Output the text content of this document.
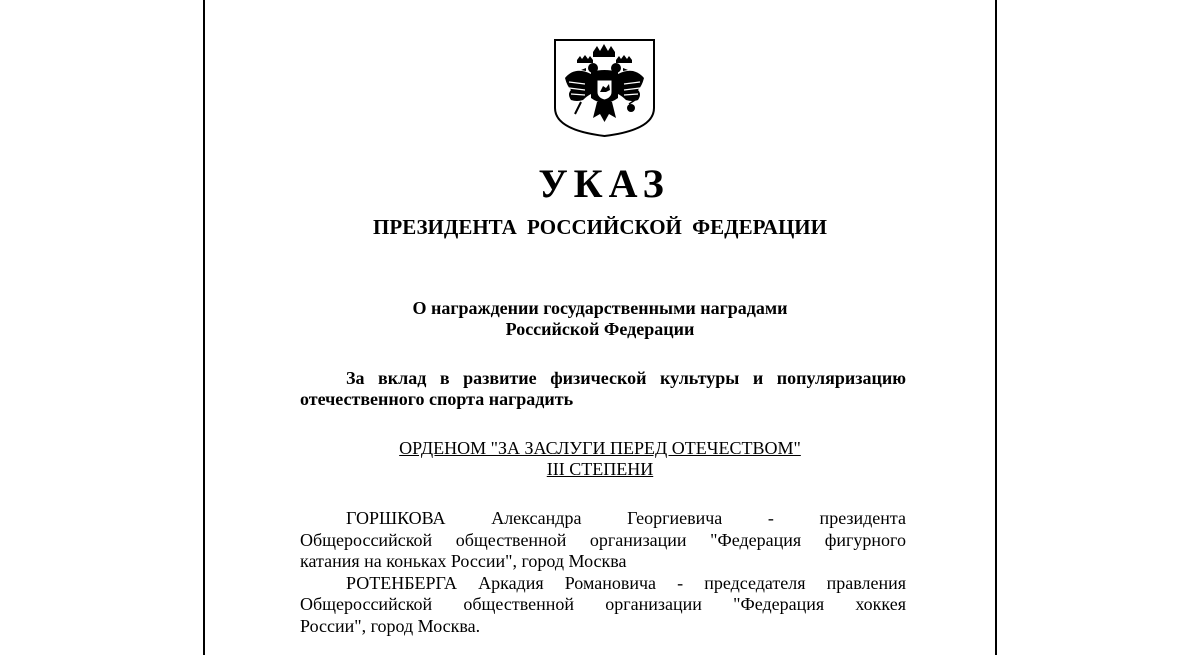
УКАЗ
ПРЕЗИДЕНТА РОССИЙСКОЙ ФЕДЕРАЦИИ
О награждении государственными наградами
Российской Федерации
За вклад в развитие физической культуры и популяризацию
отечественного спорта наградить
ОРДЕНОМ "ЗА ЗАСЛУГИ ПЕРЕД ОТЕЧЕСТВОМ"
III СТЕПЕНИ
ГОРШКОВА Александра Георгиевича - президента
Общероссийской общественной организации "Федерация фигурного
катания на коньках России", город Москва
РОТЕНБЕРГА Аркадия Романовича - председателя правления
Общероссийской общественной организации "Федерация хоккея
России", город Москва.
